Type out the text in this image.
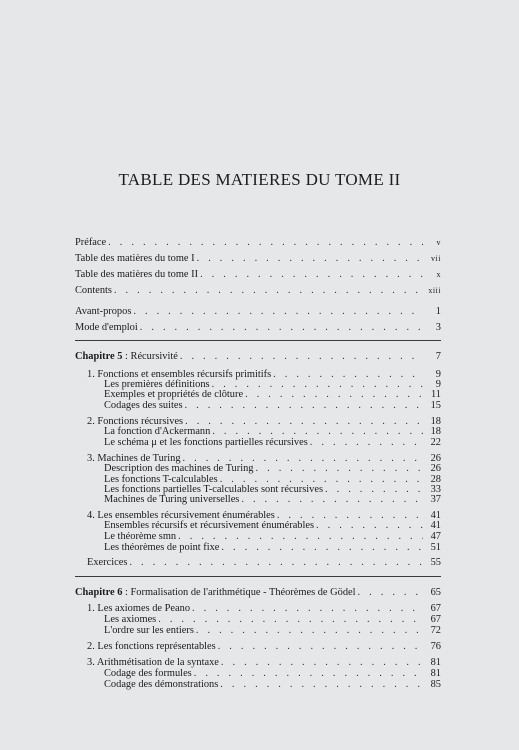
TABLE DES MATIERES DU TOME II
Préface . . .	v
Table des matières du tome I . . .	vii
Table des matières du tome II . . .	x
Contents . . .	xiii
Avant-propos . . .	1
Mode d'emploi . . .	3
Chapitre 5 : Récursivité . . .	7
1. Fonctions et ensembles récursifs primitifs . . .	9
Les premières définitions . . .	9
Exemples et propriétés de clôture . . .	11
Codages des suites . . .	15
2. Fonctions récursives . . .	18
La fonction d'Ackermann . . .	18
Le schéma μ et les fonctions partielles récursives . . .	22
3. Machines de Turing . . .	26
Description des machines de Turing . . .	26
Les fonctions T-calculables . . .	28
Les fonctions partielles T-calculables sont récursives . . .	33
Machines de Turing universelles . . .	37
4. Les ensembles récursivement énumérables . . .	41
Ensembles récursifs et récursivement énumérables . . .	41
Le théorème smn . . .	47
Les théorèmes de point fixe . . .	51
Exercices . . .	55
Chapitre 6 : Formalisation de l'arithmétique - Théorèmes de Gödel . . .	65
1. Les axiomes de Peano . . .	67
Les axiomes . . .	67
L'ordre sur les entiers . . .	72
2. Les fonctions représentables . . .	76
3. Arithmétisation de la syntaxe . . .	81
Codage des formules . . .	81
Codage des démonstrations . . .	85
